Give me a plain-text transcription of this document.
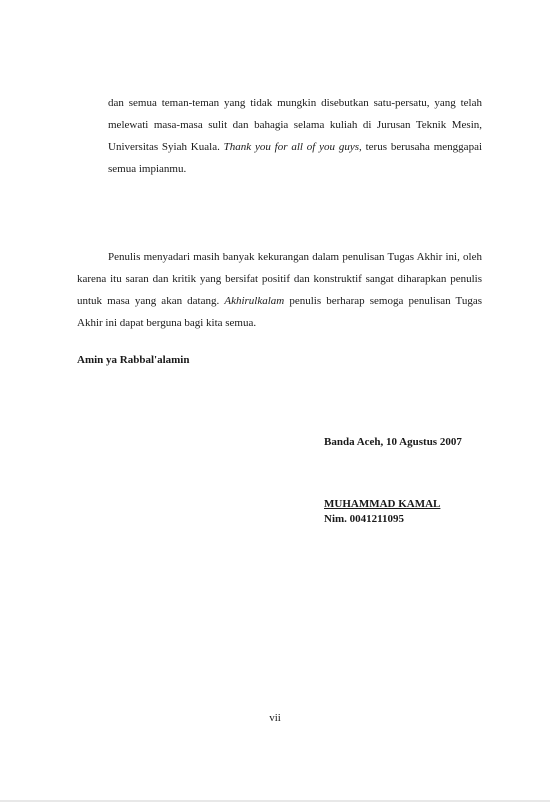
dan semua teman-teman yang tidak mungkin disebutkan satu-persatu, yang telah melewati masa-masa sulit dan bahagia selama kuliah di Jurusan Teknik Mesin, Universitas Syiah Kuala. Thank you for all of you guys, terus berusaha menggapai semua impianmu.

Penulis menyadari masih banyak kekurangan dalam penulisan Tugas Akhir ini, oleh karena itu saran dan kritik yang bersifat positif dan konstruktif sangat diharapkan penulis untuk masa yang akan datang. Akhirulkalam penulis berharap semoga penulisan Tugas Akhir ini dapat berguna bagi kita semua.

Amin ya Rabbal'alamin

Banda Aceh, 10 Agustus 2007

MUHAMMAD KAMAL
Nim. 0041211095

vii
